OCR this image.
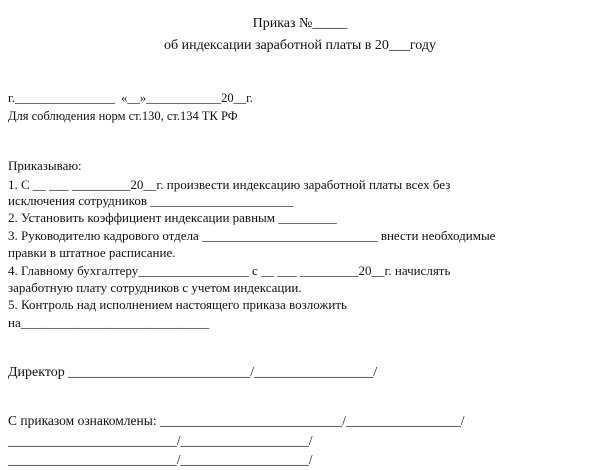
Приказ №_____
об индексации заработной платы в 20___году
г.________________  «__»____________20__г.
Для соблюдения норм ст.130, ст.134 ТК РФ
Приказываю:
1. С __ ___ _________20__г. произвести индексацию заработной платы всех без
исключения сотрудников ______________________
2. Установить коэффициент индексации равным _________
3. Руководителю кадрового отдела ___________________________ внести необходимые
правки в штатное расписание.
4. Главному бухгалтеру_________________ с __ ___ _________20__г. начислять
заработную плату сотрудников с учетом индексации.
5. Контроль над исполнением настоящего приказа возложить
на_____________________________
Директор __________________________/_________________/
С приказом ознакомлены: ___________________________/_________________/
_________________________/___________________/
_________________________/___________________/
